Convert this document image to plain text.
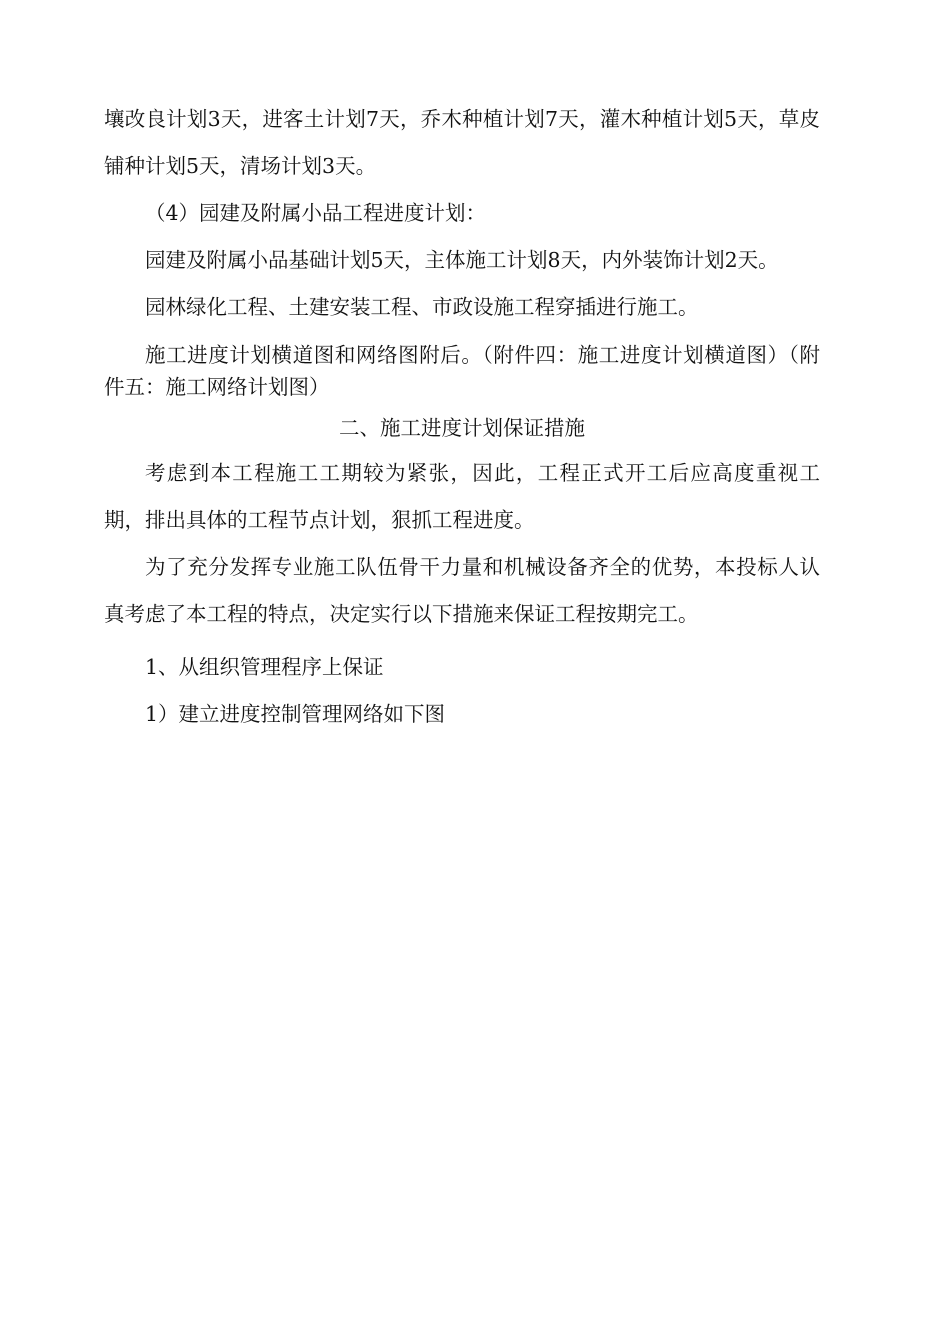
壤改良计划3天，进客土计划7天，乔木种植计划7天，灌木种植计划5天，草皮铺种计划5天，清场计划3天。

（4）园建及附属小品工程进度计划：

园建及附属小品基础计划5天，主体施工计划8天，内外装饰计划2天。

园林绿化工程、土建安装工程、市政设施工程穿插进行施工。

施工进度计划横道图和网络图附后。（附件四：施工进度计划横道图）（附件五：施工网络计划图）

二、施工进度计划保证措施

考虑到本工程施工工期较为紧张，因此，工程正式开工后应高度重视工期，排出具体的工程节点计划，狠抓工程进度。

为了充分发挥专业施工队伍骨干力量和机械设备齐全的优势，本投标人认真考虑了本工程的特点，决定实行以下措施来保证工程按期完工。

1、从组织管理程序上保证

1）建立进度控制管理网络如下图
